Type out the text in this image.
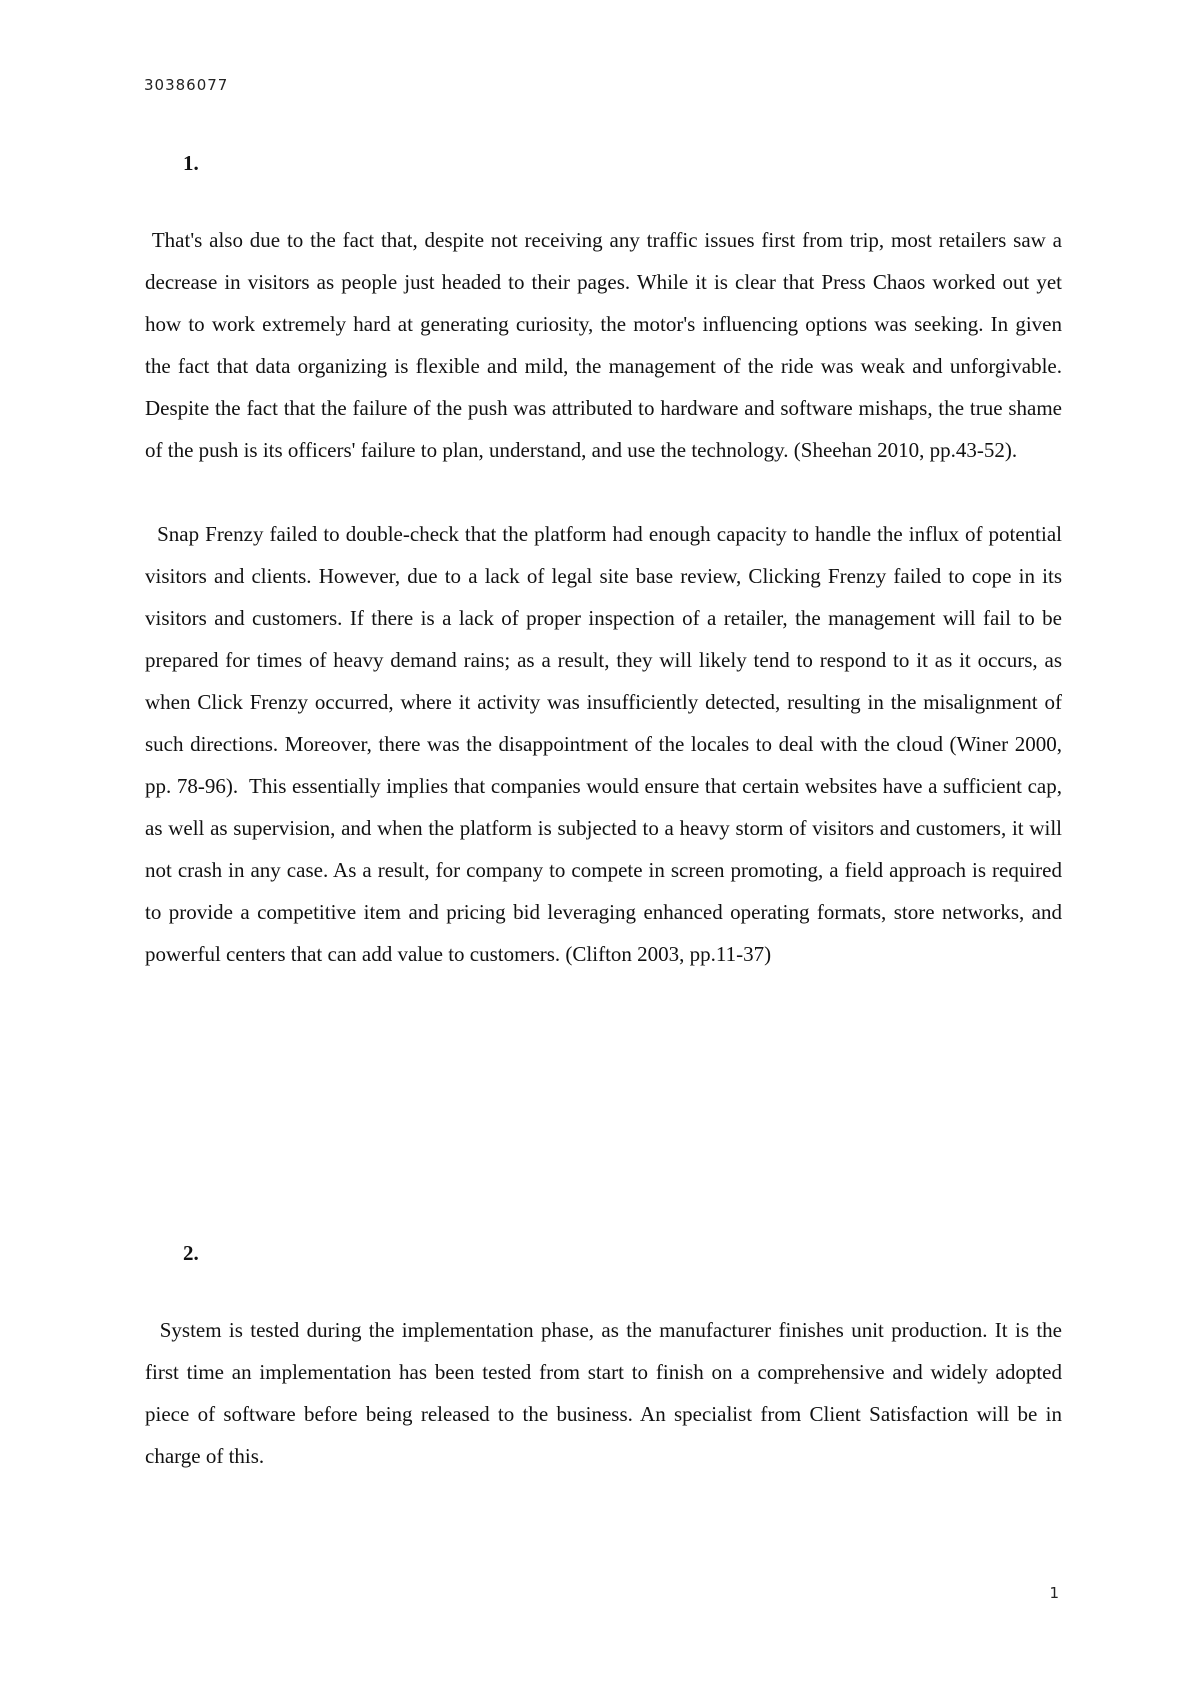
30386077
1.

That's also due to the fact that, despite not receiving any traffic issues first from trip, most retailers saw a decrease in visitors as people just headed to their pages. While it is clear that Press Chaos worked out yet how to work extremely hard at generating curiosity, the motor's influencing options was seeking. In given the fact that data organizing is flexible and mild, the management of the ride was weak and unforgivable. Despite the fact that the failure of the push was attributed to hardware and software mishaps, the true shame of the push is its officers' failure to plan, understand, and use the technology. (Sheehan 2010, pp.43-52).

Snap Frenzy failed to double-check that the platform had enough capacity to handle the influx of potential visitors and clients. However, due to a lack of legal site base review, Clicking Frenzy failed to cope in its visitors and customers. If there is a lack of proper inspection of a retailer, the management will fail to be prepared for times of heavy demand rains; as a result, they will likely tend to respond to it as it occurs, as when Click Frenzy occurred, where it activity was insufficiently detected, resulting in the misalignment of such directions. Moreover, there was the disappointment of the locales to deal with the cloud (Winer 2000, pp. 78-96).  This essentially implies that companies would ensure that certain websites have a sufficient cap, as well as supervision, and when the platform is subjected to a heavy storm of visitors and customers, it will not crash in any case. As a result, for company to compete in screen promoting, a field approach is required to provide a competitive item and pricing bid leveraging enhanced operating formats, store networks, and powerful centers that can add value to customers. (Clifton 2003, pp.11-37)

2.

System is tested during the implementation phase, as the manufacturer finishes unit production. It is the first time an implementation has been tested from start to finish on a comprehensive and widely adopted piece of software before being released to the business. An specialist from Client Satisfaction will be in charge of this.

1
